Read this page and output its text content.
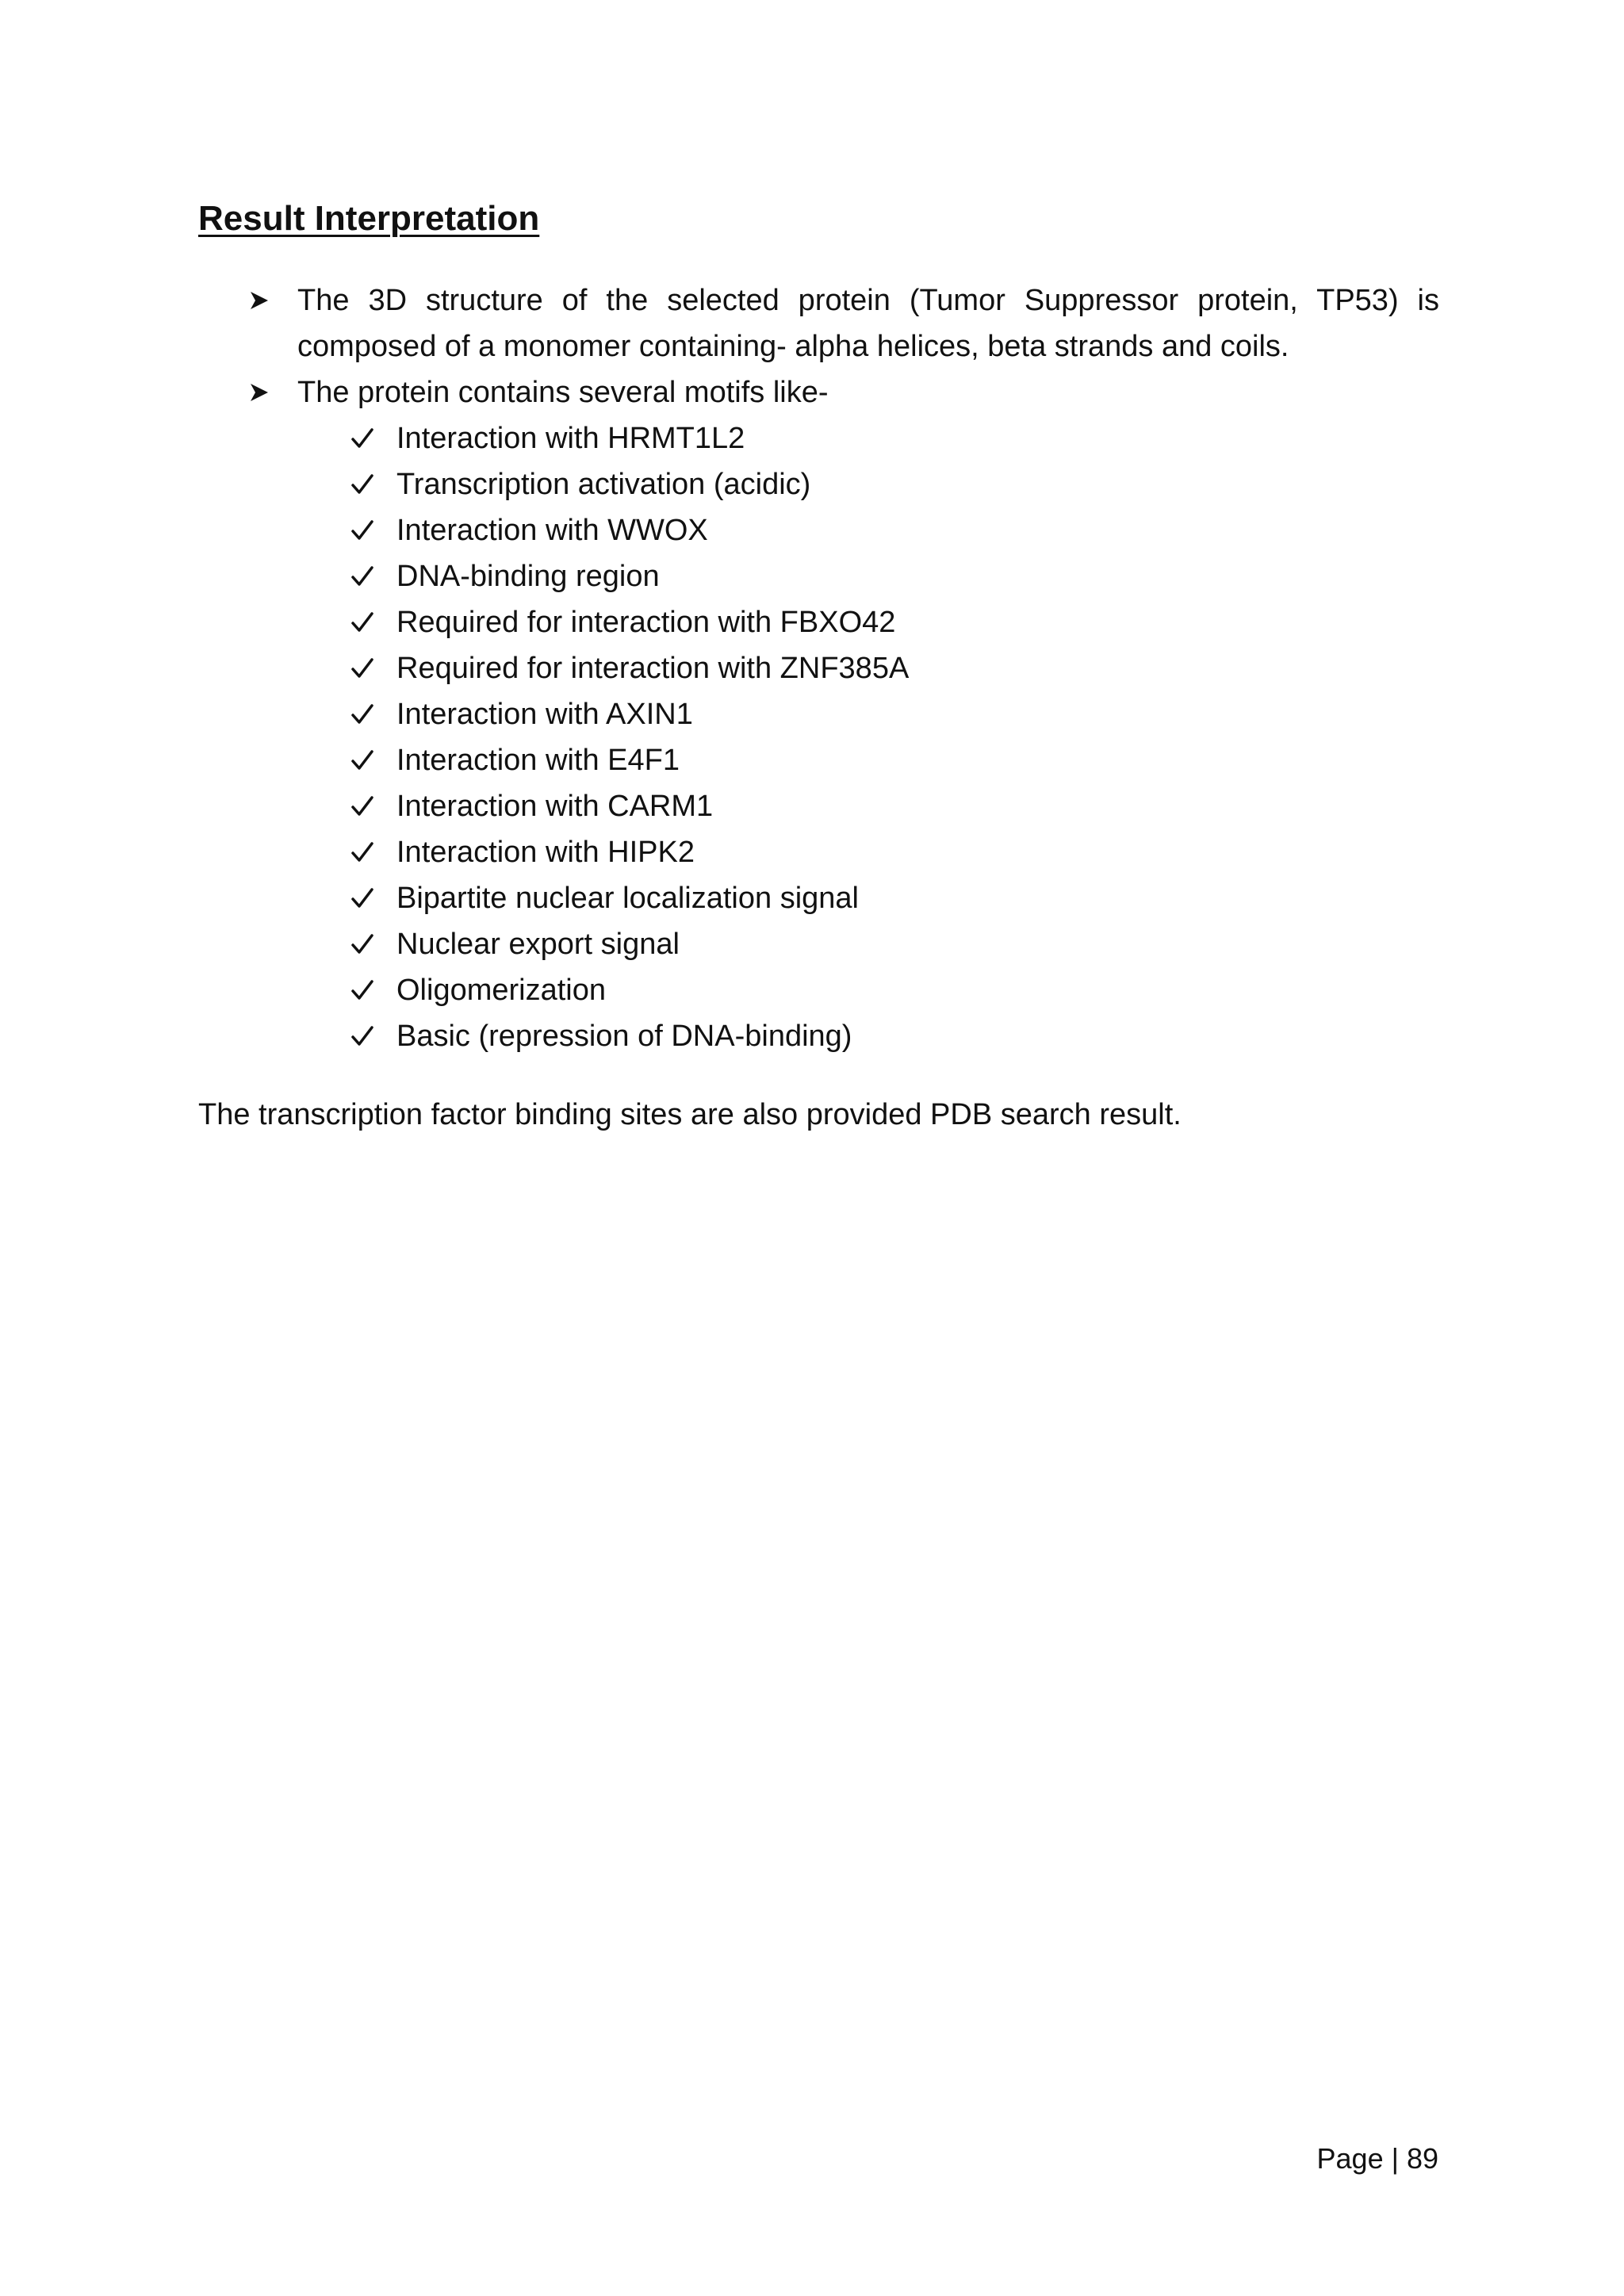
Result Interpretation
The 3D structure of the selected protein (Tumor Suppressor protein, TP53) is composed of a monomer containing- alpha helices, beta strands and coils.
The protein contains several motifs like-
Interaction with HRMT1L2
Transcription activation (acidic)
Interaction with WWOX
DNA-binding region
Required for interaction with FBXO42
Required for interaction with ZNF385A
Interaction with AXIN1
Interaction with E4F1
Interaction with CARM1
Interaction with HIPK2
Bipartite nuclear localization signal
Nuclear export signal
Oligomerization
Basic (repression of DNA-binding)

The transcription factor binding sites are also provided PDB search result.

Page | 89
